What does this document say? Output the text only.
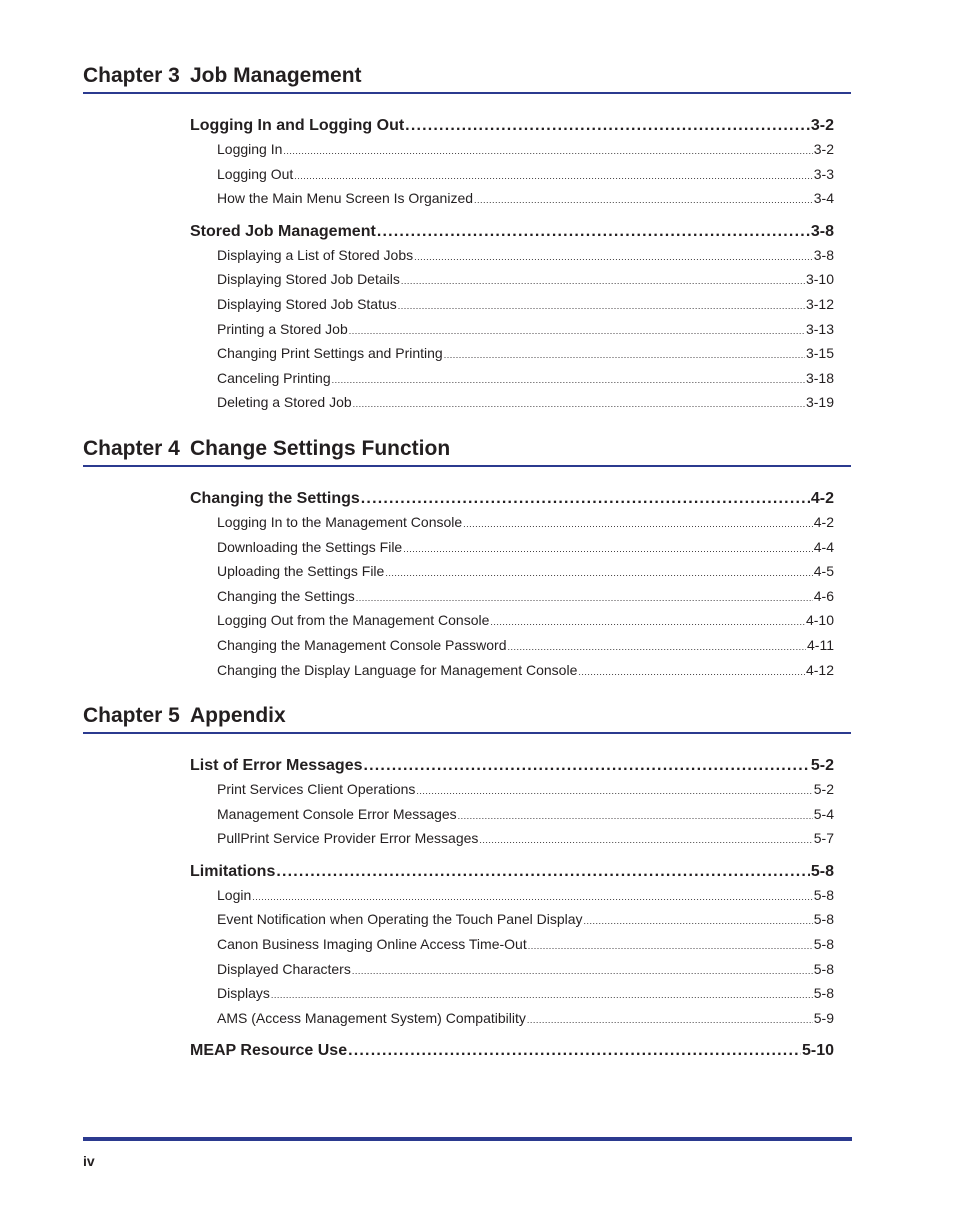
Chapter 3 Job Management
Logging In and Logging Out .....	3-2
Logging In .....	3-2
Logging Out .....	3-3
How the Main Menu Screen Is Organized .....	3-4
Stored Job Management .....	3-8
Displaying a List of Stored Jobs .....	3-8
Displaying Stored Job Details .....	3-10
Displaying Stored Job Status .....	3-12
Printing a Stored Job .....	3-13
Changing Print Settings and Printing .....	3-15
Canceling Printing .....	3-18
Deleting a Stored Job .....	3-19
Chapter 4 Change Settings Function
Changing the Settings .....	4-2
Logging In to the Management Console .....	4-2
Downloading the Settings File .....	4-4
Uploading the Settings File .....	4-5
Changing the Settings .....	4-6
Logging Out from the Management Console .....	4-10
Changing the Management Console Password .....	4-11
Changing the Display Language for Management Console .....	4-12
Chapter 5 Appendix
List of Error Messages .....	5-2
Print Services Client Operations .....	5-2
Management Console Error Messages .....	5-4
PullPrint Service Provider Error Messages .....	5-7
Limitations .....	5-8
Login .....	5-8
Event Notification when Operating the Touch Panel Display .....	5-8
Canon Business Imaging Online Access Time-Out .....	5-8
Displayed Characters .....	5-8
Displays .....	5-8
AMS (Access Management System) Compatibility .....	5-9
MEAP Resource Use .....	5-10
iv
